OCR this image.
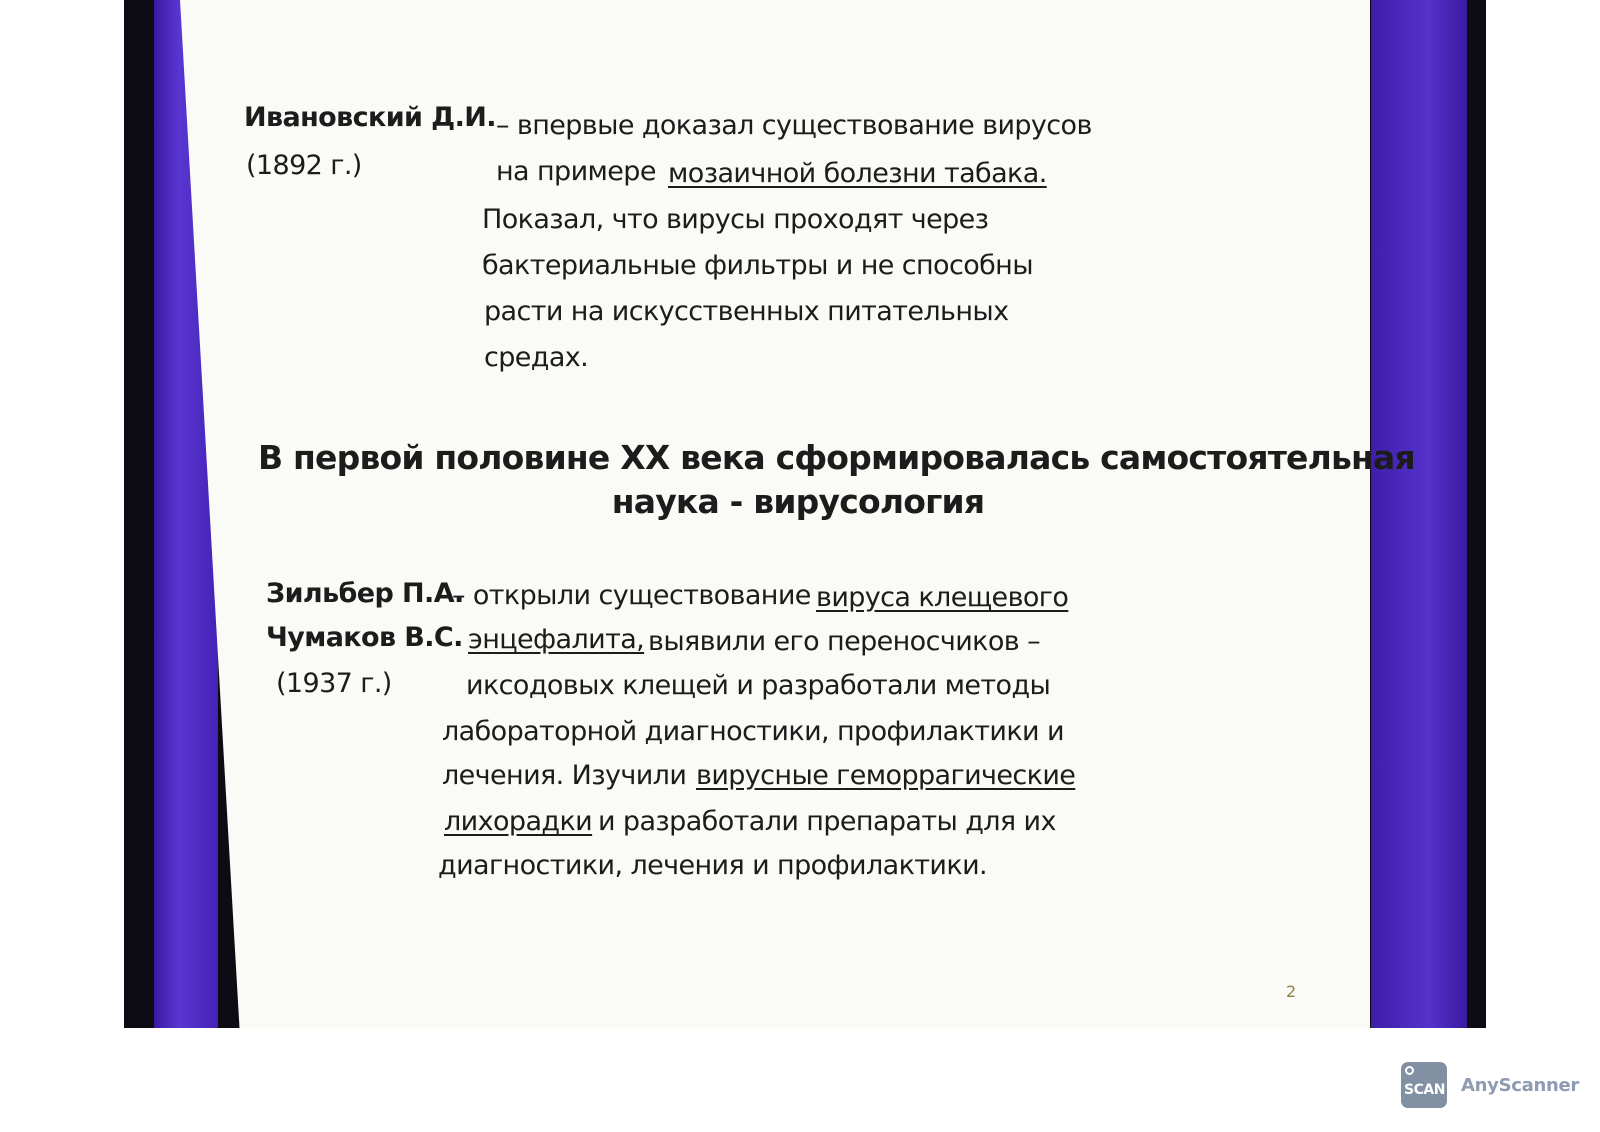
Ивановский Д.И. – впервые доказал существование вирусов
(1892 г.)	на примере мозаичной болезни табака.
Показал, что вирусы проходят через
бактериальные фильтры и не способны
расти на искусственных питательных
средах.
В первой половине XX века сформировалась самостоятельная
наука - вирусология
Зильбер П.А.
– открыли существование вируса клещевого
Чумаков В.С. энцефалита, выявили его переносчиков –
(1937 г.)	иксодовых клещей и разработали методы
лабораторной диагностики, профилактики и
лечения. Изучили вирусные геморрагические
лихорадки и разработали препараты для их
диагностики, лечения и профилактики.
2
SCAN AnyScanner
